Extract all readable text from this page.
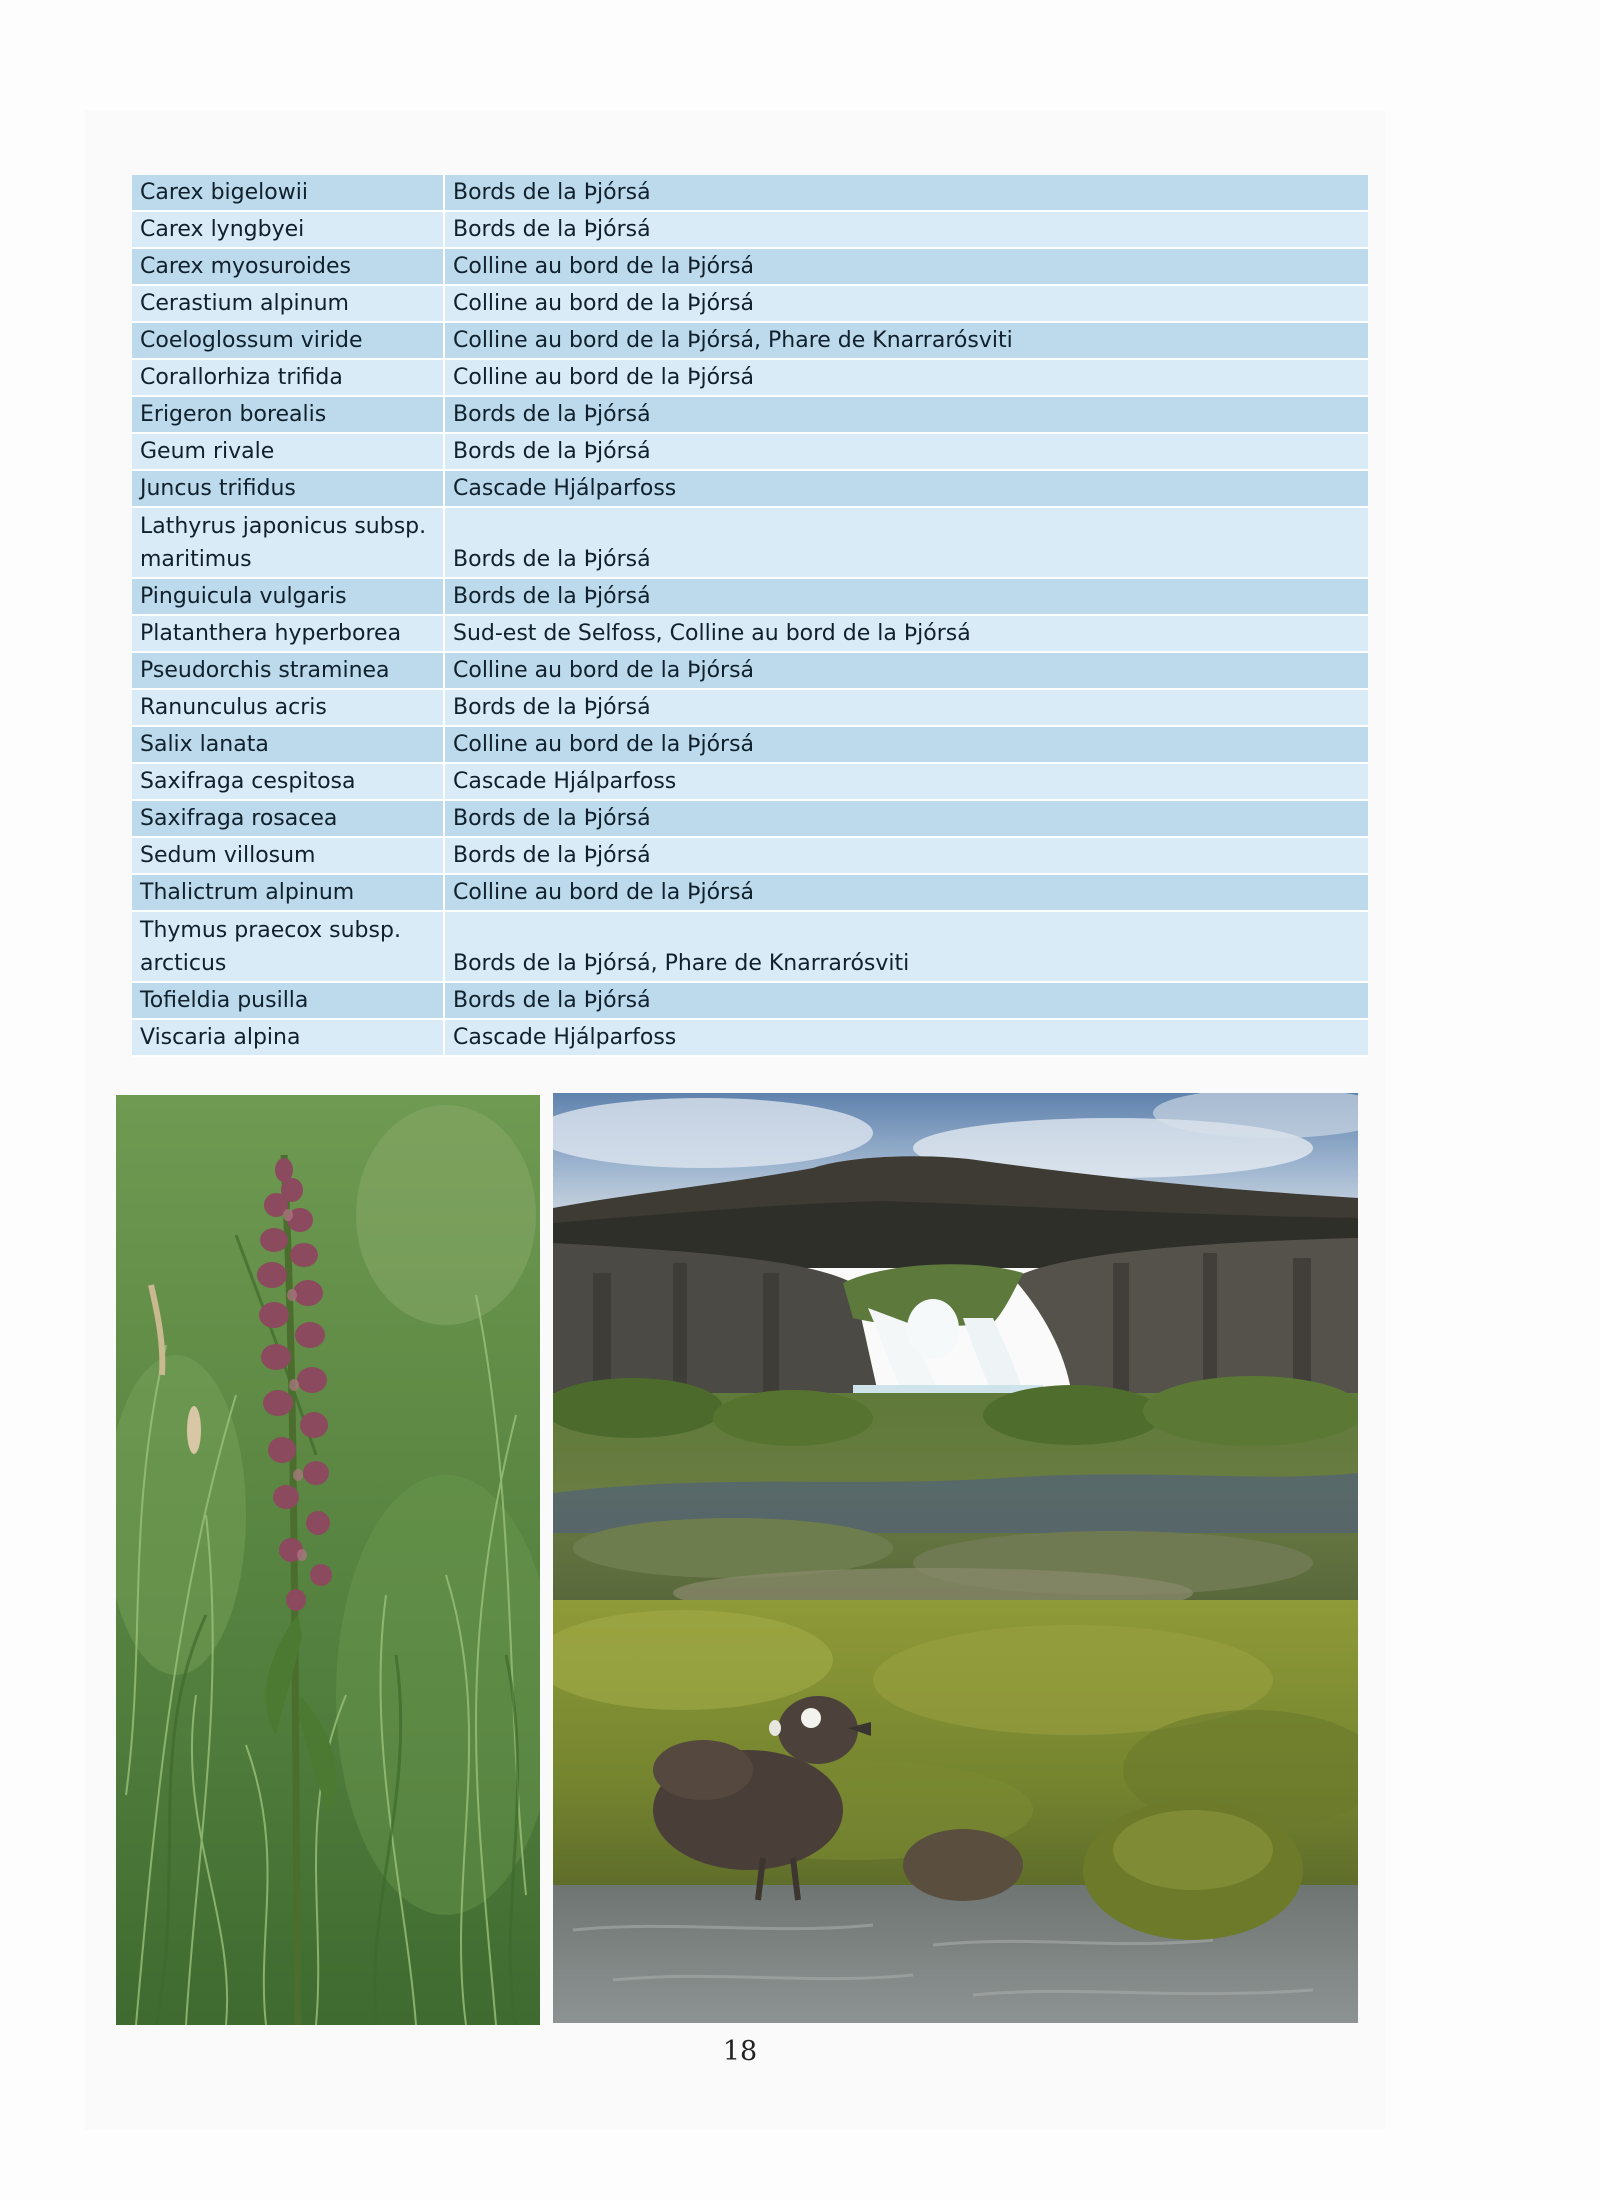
Carex bigelowii	Bords de la Þjórsá
Carex lyngbyei	Bords de la Þjórsá
Carex myosuroides	Colline au bord de la Þjórsá
Cerastium alpinum	Colline au bord de la Þjórsá
Coeloglossum viride	Colline au bord de la Þjórsá, Phare de Knarrarósviti
Corallorhiza trifida	Colline au bord de la Þjórsá
Erigeron borealis	Bords de la Þjórsá
Geum rivale	Bords de la Þjórsá
Juncus trifidus	Cascade Hjálparfoss
Lathyrus japonicus subsp. maritimus	Bords de la Þjórsá
Pinguicula vulgaris	Bords de la Þjórsá
Platanthera hyperborea	Sud-est de Selfoss, Colline au bord de la Þjórsá
Pseudorchis straminea	Colline au bord de la Þjórsá
Ranunculus acris	Bords de la Þjórsá
Salix lanata	Colline au bord de la Þjórsá
Saxifraga cespitosa	Cascade Hjálparfoss
Saxifraga rosacea	Bords de la Þjórsá
Sedum villosum	Bords de la Þjórsá
Thalictrum alpinum	Colline au bord de la Þjórsá
Thymus praecox subsp. arcticus	Bords de la Þjórsá, Phare de Knarrarósviti
Tofieldia pusilla	Bords de la Þjórsá
Viscaria alpina	Cascade Hjálparfoss
18
